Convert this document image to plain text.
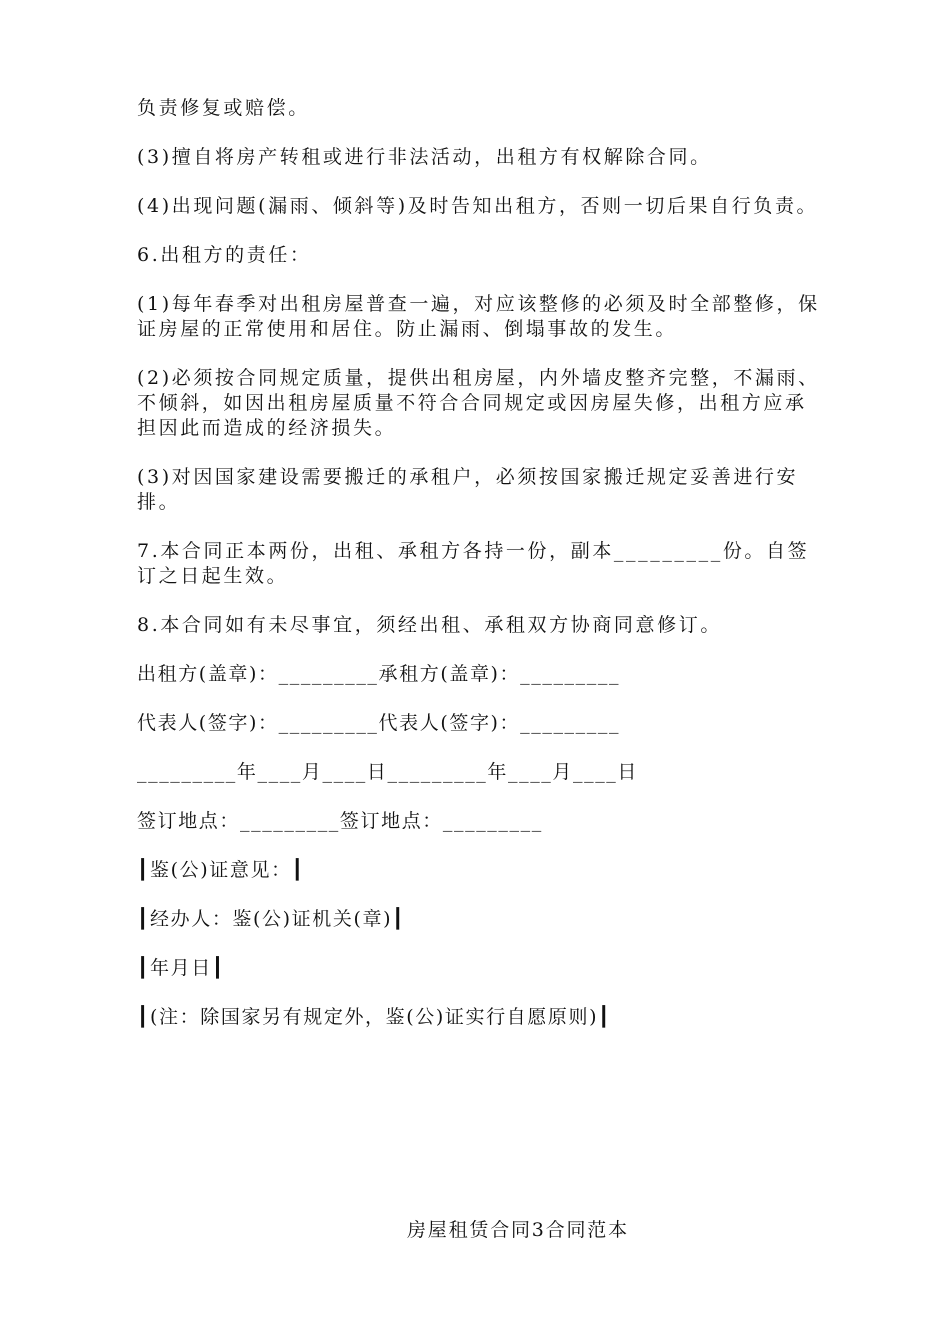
负责修复或赔偿。

(3)擅自将房产转租或进行非法活动，出租方有权解除合同。

(4)出现问题(漏雨、倾斜等)及时告知出租方，否则一切后果自行负责。

6.出租方的责任：

(1)每年春季对出租房屋普查一遍，对应该整修的必须及时全部整修，保证房屋的正常使用和居住。防止漏雨、倒塌事故的发生。

(2)必须按合同规定质量，提供出租房屋，内外墙皮整齐完整，不漏雨、不倾斜，如因出租房屋质量不符合合同规定或因房屋失修，出租方应承担因此而造成的经济损失。

(3)对因国家建设需要搬迁的承租户，必须按国家搬迁规定妥善进行安排。

7.本合同正本两份，出租、承租方各持一份，副本_________份。自签订之日起生效。

8.本合同如有未尽事宜，须经出租、承租双方协商同意修订。

出租方(盖章)：_________承租方(盖章)：_________
代表人(签字)：_________代表人(签字)：_________
_________年____月____日_________年____月____日
签订地点：_________签订地点：_________
┃鉴(公)证意见：┃
┃经办人：鉴(公)证机关(章)┃
┃年月日┃
┃(注：除国家另有规定外，鉴(公)证实行自愿原则)┃
房屋租赁合同3合同范本
